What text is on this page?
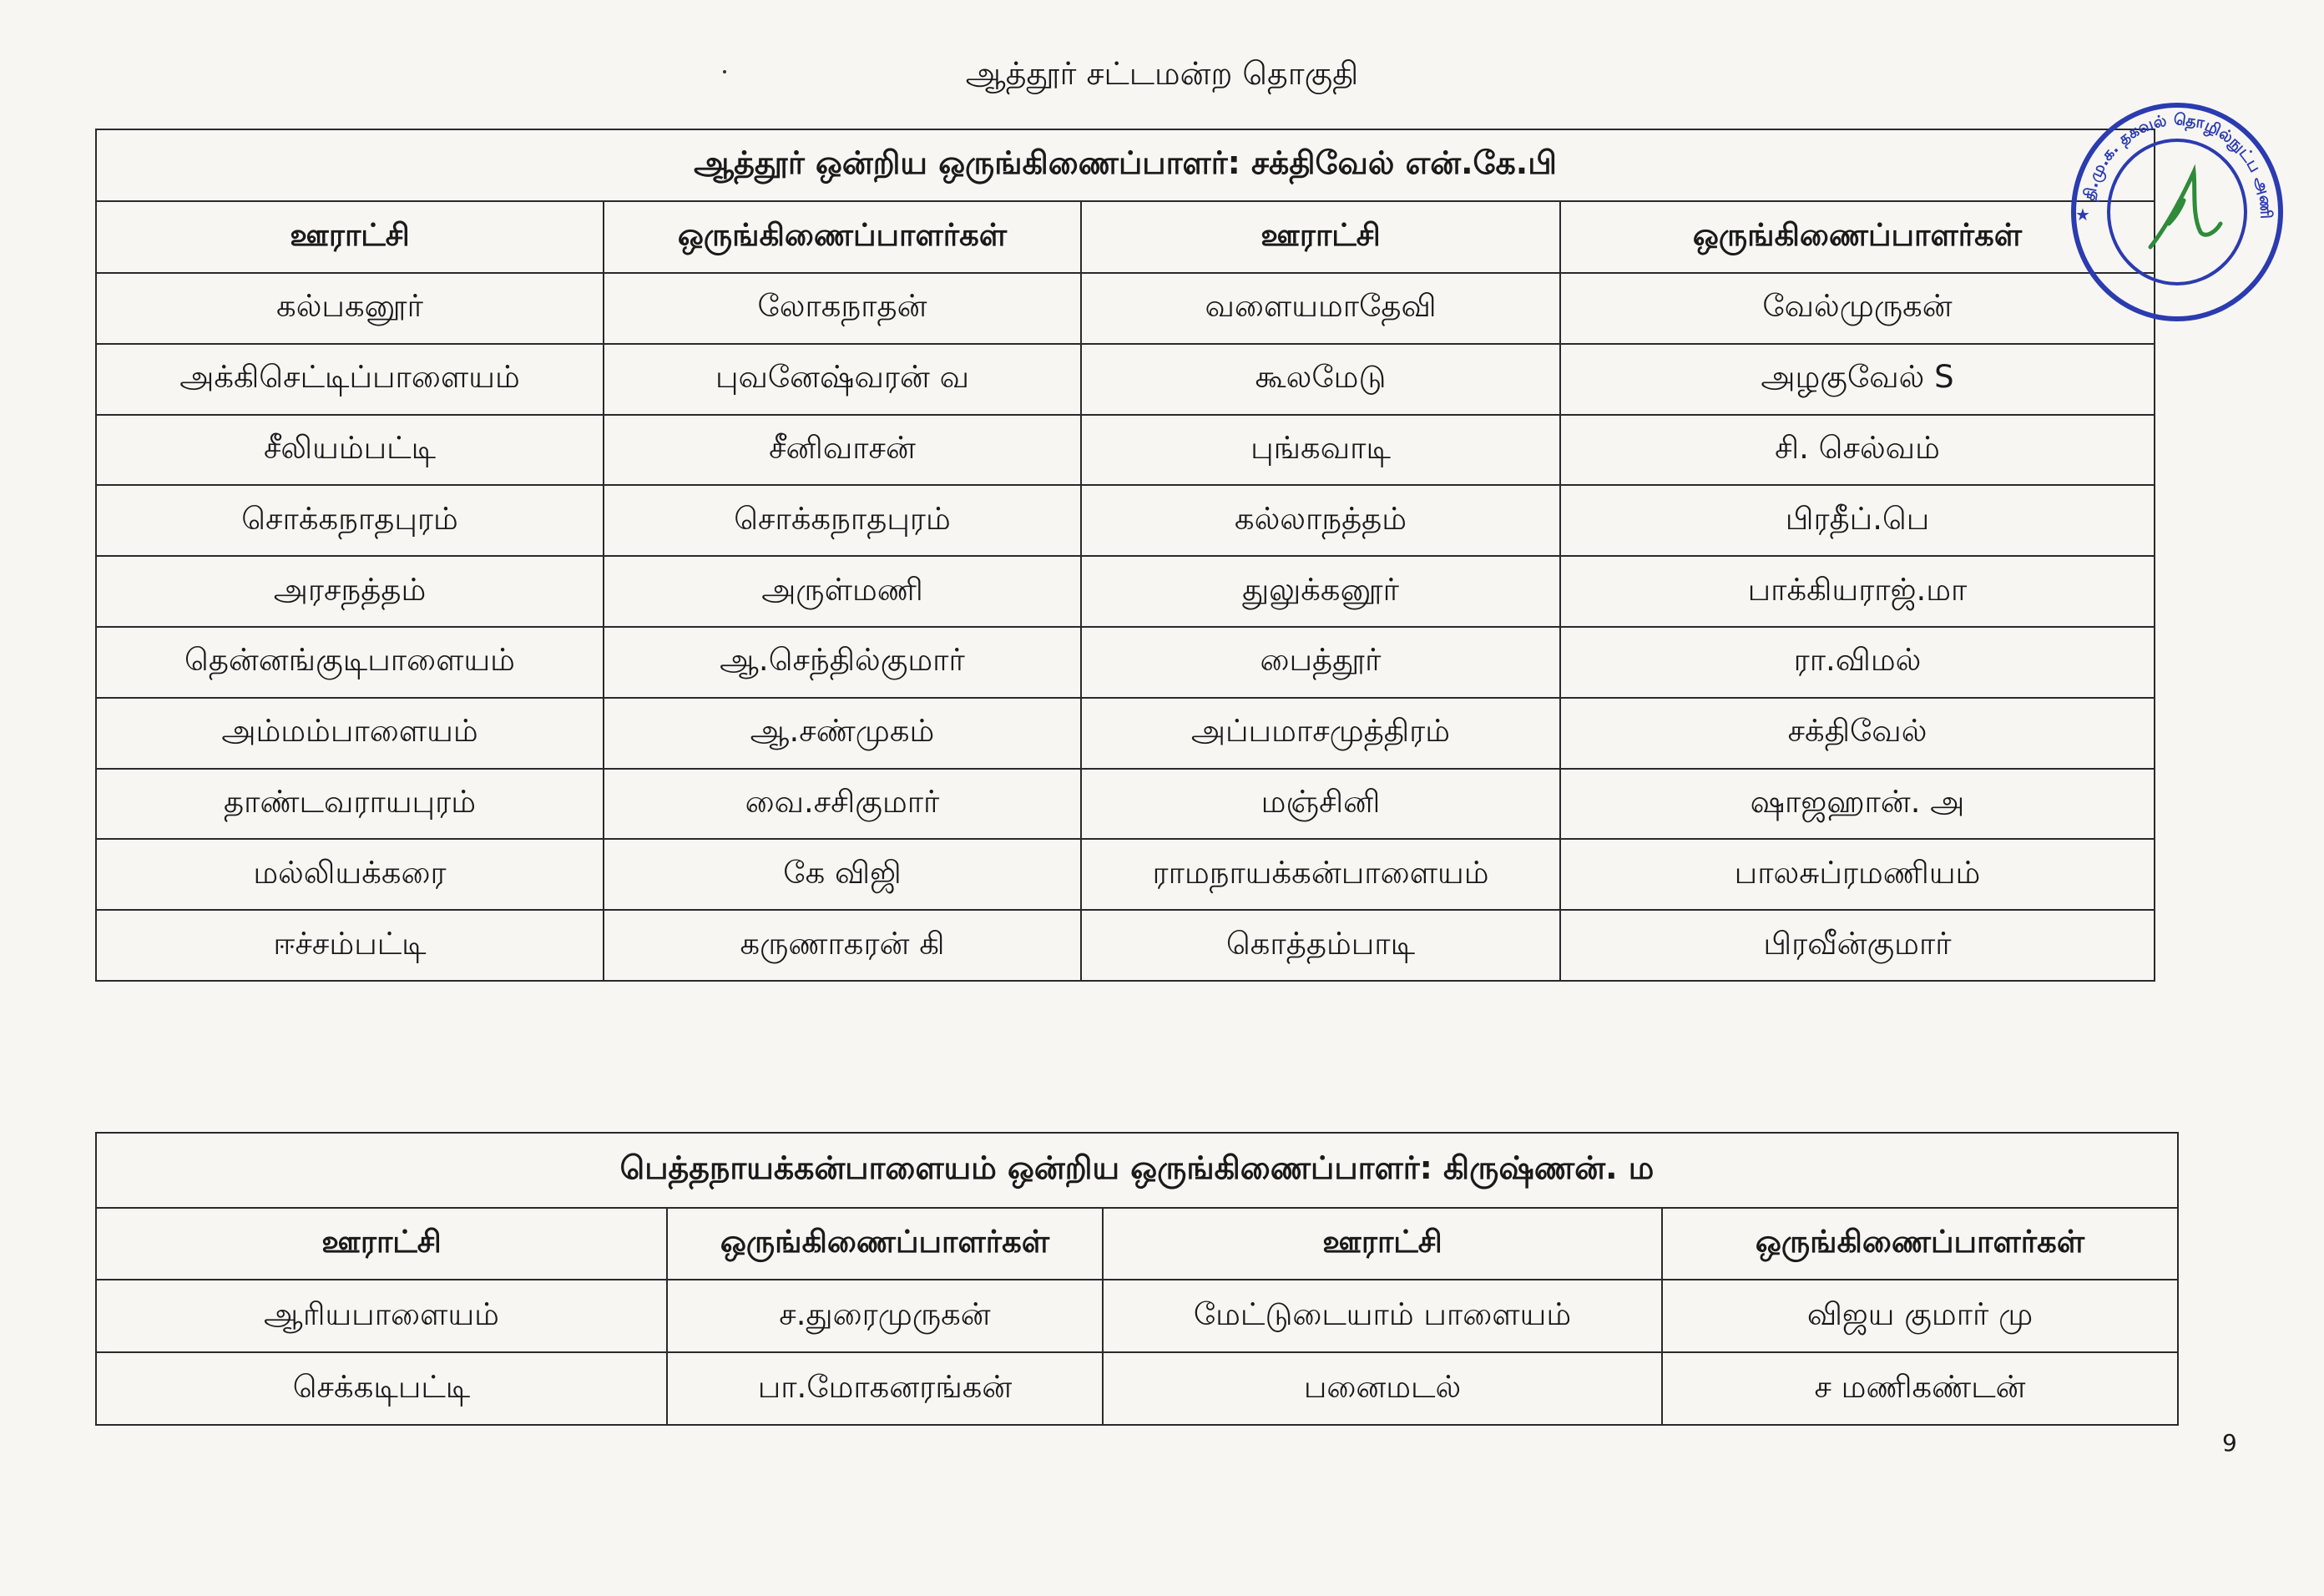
ஆத்தூர் சட்டமன்ற தொகுதி
ஆத்தூர் ஒன்றிய ஒருங்கிணைப்பாளர்: சக்திவேல் என்.கே.பி			
ஊராட்சி	ஒருங்கிணைப்பாளர்கள்	ஊராட்சி	ஒருங்கிணைப்பாளர்கள்
கல்பகனூர்	லோகநாதன்	வளையமாதேவி	வேல்முருகன்
அக்கிசெட்டிப்பாளையம்	புவனேஷ்வரன் வ	கூலமேடு	அழகுவேல் S
சீலியம்பட்டி	சீனிவாசன்	புங்கவாடி	சி. செல்வம்
சொக்கநாதபுரம்	சொக்கநாதபுரம்	கல்லாநத்தம்	பிரதீப்.பெ
அரசநத்தம்	அருள்மணி	துலுக்கனூர்	பாக்கியராஜ்.மா
தென்னங்குடிபாளையம்	ஆ.செந்தில்குமார்	பைத்தூர்	ரா.விமல்
அம்மம்பாளையம்	ஆ.சண்முகம்	அப்பமாசமுத்திரம்	சக்திவேல்
தாண்டவராயபுரம்	வை.சசிகுமார்	மஞ்சினி	ஷாஜஹான். அ
மல்லியக்கரை	கே விஜி	ராமநாயக்கன்பாளையம்	பாலசுப்ரமணியம்
ஈச்சம்பட்டி	கருணாகரன் கி	கொத்தம்பாடி	பிரவீன்குமார்
பெத்தநாயக்கன்பாளையம் ஒன்றிய ஒருங்கிணைப்பாளர்: கிருஷ்ணன். ம			
ஊராட்சி	ஒருங்கிணைப்பாளர்கள்	ஊராட்சி	ஒருங்கிணைப்பாளர்கள்
ஆரியபாளையம்	ச.துரைமுருகன்	மேட்டுடையாம் பாளையம்	விஜய குமார் மு
செக்கடிபட்டி	பா.மோகனரங்கன்	பனைமடல்	ச மணிகண்டன்
தி.மு.க. தகவல் தொழில்நுட்ப அணி
★
9
